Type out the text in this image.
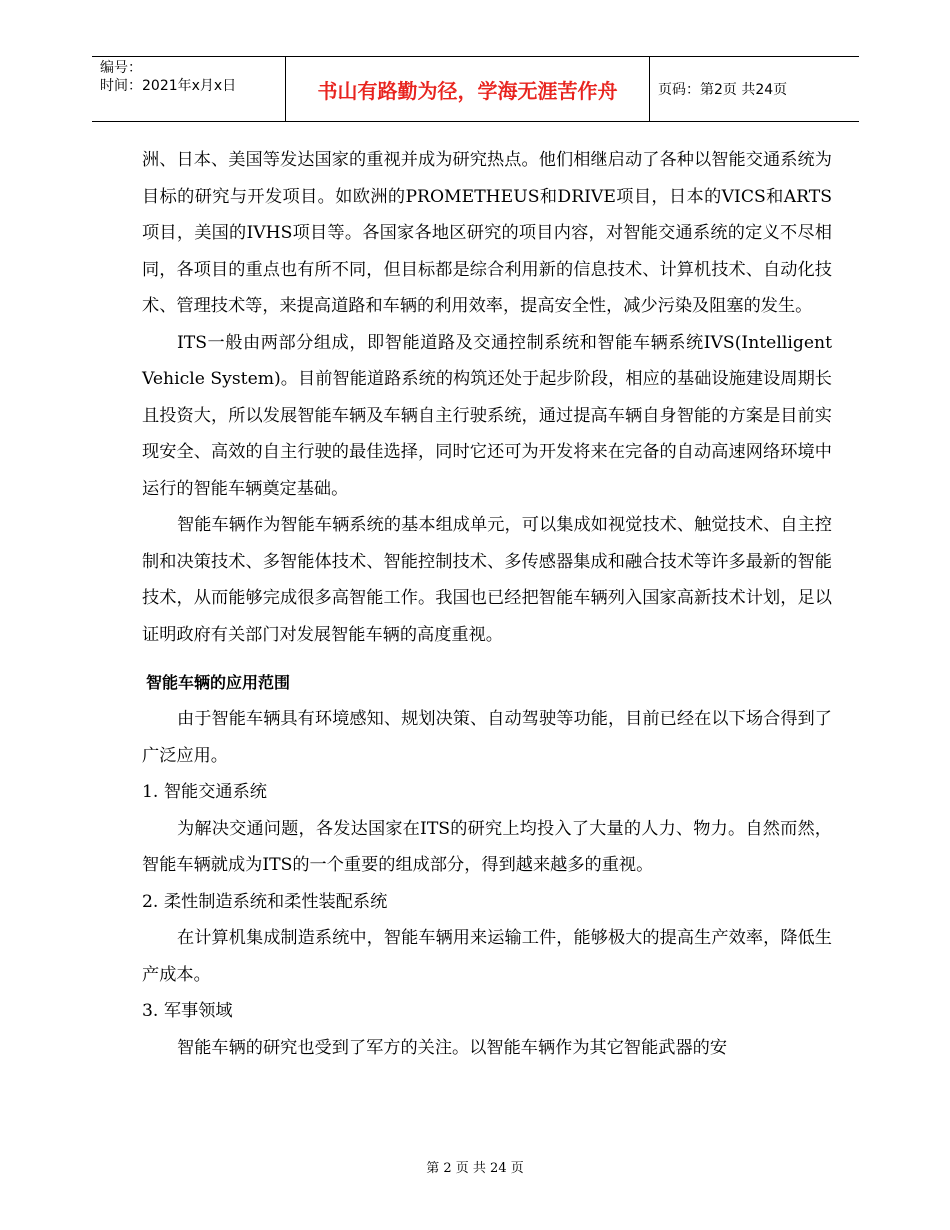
编号：
时间：2021年x月x日	书山有路勤为径，学海无涯苦作舟	页码：第2页 共24页

洲、日本、美国等发达国家的重视并成为研究热点。他们相继启动了各种以智能交通系统为目标的研究与开发项目。如欧洲的PROMETHEUS和DRIVE项目，日本的VICS和ARTS项目，美国的IVHS项目等。各国家各地区研究的项目内容，对智能交通系统的定义不尽相同，各项目的重点也有所不同，但目标都是综合利用新的信息技术、计算机技术、自动化技术、管理技术等，来提高道路和车辆的利用效率，提高安全性，减少污染及阻塞的发生。

ITS一般由两部分组成，即智能道路及交通控制系统和智能车辆系统IVS(Intelligent Vehicle System)。目前智能道路系统的构筑还处于起步阶段，相应的基础设施建设周期长且投资大，所以发展智能车辆及车辆自主行驶系统，通过提高车辆自身智能的方案是目前实现安全、高效的自主行驶的最佳选择，同时它还可为开发将来在完备的自动高速网络环境中运行的智能车辆奠定基础。

智能车辆作为智能车辆系统的基本组成单元，可以集成如视觉技术、触觉技术、自主控制和决策技术、多智能体技术、智能控制技术、多传感器集成和融合技术等许多最新的智能技术，从而能够完成很多高智能工作。我国也已经把智能车辆列入国家高新技术计划，足以证明政府有关部门对发展智能车辆的高度重视。

智能车辆的应用范围

由于智能车辆具有环境感知、规划决策、自动驾驶等功能，目前已经在以下场合得到了广泛应用。

1. 智能交通系统

为解决交通问题，各发达国家在ITS的研究上均投入了大量的人力、物力。自然而然，智能车辆就成为ITS的一个重要的组成部分，得到越来越多的重视。

2. 柔性制造系统和柔性装配系统

在计算机集成制造系统中，智能车辆用来运输工件，能够极大的提高生产效率，降低生产成本。

3. 军事领域

智能车辆的研究也受到了军方的关注。以智能车辆作为其它智能武器的安

第 2 页 共 24 页
